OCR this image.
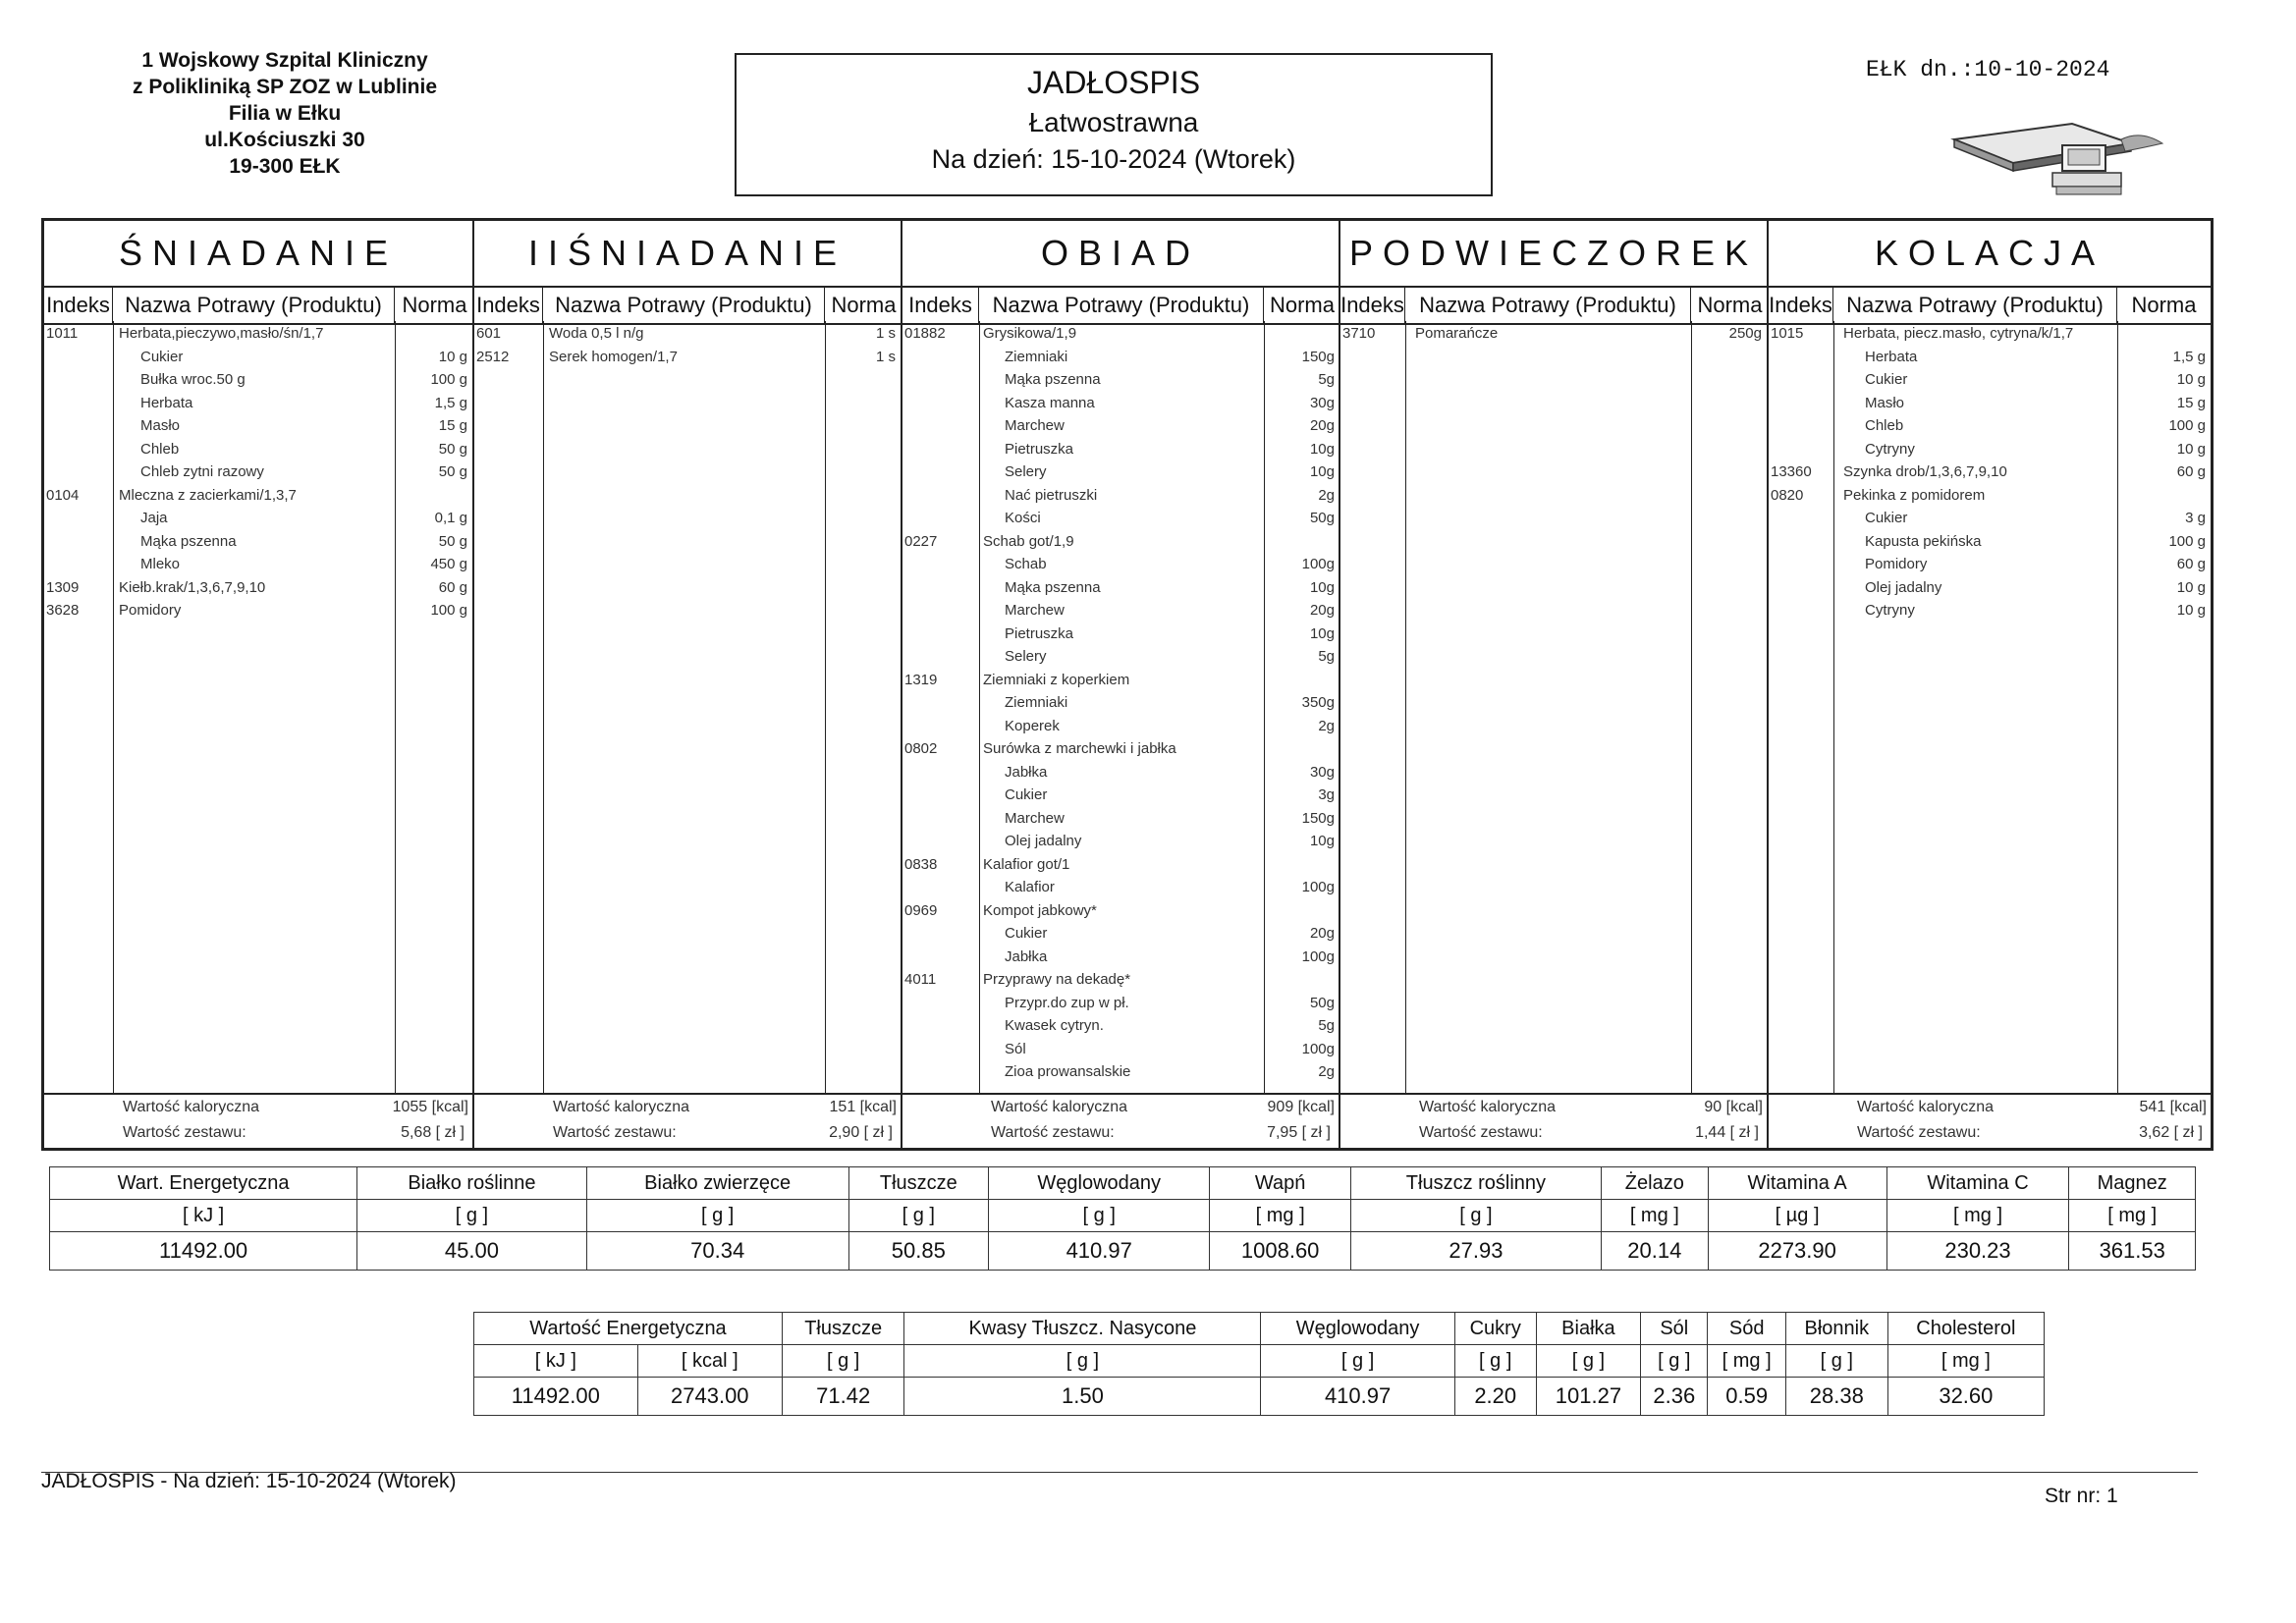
1 Wojskowy Szpital Kliniczny
z Polikliniką SP ZOZ w Lublinie
Filia w Ełku
ul.Kościuszki 30
19-300 EŁK
JADŁOSPIS
Łatwostrawna
Na dzień: 15-10-2024 (Wtorek)
EŁK dn.:10-10-2024
ŚNIADANIE
Indeks Nazwa Potrawy (Produktu) Norma
1011	Herbata,pieczywo,masło/śn/1,7
Cukier	10 g
Bułka wroc.50 g	100 g
Herbata	1,5 g
Masło	15 g
Chleb	50 g
Chleb zytni razowy	50 g
0104	Mleczna z zacierkami/1,3,7
Jaja	0,1 g
Mąka pszenna	50 g
Mleko	450 g
1309	Kiełb.krak/1,3,6,7,9,10	60 g
3628	Pomidory	100 g
Wartość kaloryczna	1055 [kcal]
Wartość zestawu:	5,68 [ zł ]
IIŚNIADANIE
Indeks Nazwa Potrawy (Produktu) Norma
601	Woda 0,5 l n/g	1 s
2512	Serek homogen/1,7	1 s
Wartość kaloryczna	151 [kcal]
Wartość zestawu:	2,90 [ zł ]
OBIAD
Indeks Nazwa Potrawy (Produktu) Norma
01882	Grysikowa/1,9
Ziemniaki	150g
Mąka pszenna	5g
Kasza manna	30g
Marchew	20g
Pietruszka	10g
Selery	10g
Nać pietruszki	2g
Kości	50g
0227	Schab got/1,9
Schab	100g
Mąka pszenna	10g
Marchew	20g
Pietruszka	10g
Selery	5g
1319	Ziemniaki z koperkiem
Ziemniaki	350g
Koperek	2g
0802	Surówka z marchewki i jabłka
Jabłka	30g
Cukier	3g
Marchew	150g
Olej jadalny	10g
0838	Kalafior got/1
Kalafior	100g
0969	Kompot jabkowy*
Cukier	20g
Jabłka	100g
4011	Przyprawy na dekadę*
Przypr.do zup w pł.	50g
Kwasek cytryn.	5g
Sól	100g
Zioa prowansalskie	2g
Wartość kaloryczna	909 [kcal]
Wartość zestawu:	7,95 [ zł ]
PODWIECZOREK
Indeks Nazwa Potrawy (Produktu) Norma
3710	Pomarańcze	250g
Wartość kaloryczna	90 [kcal]
Wartość zestawu:	1,44 [ zł ]
KOLACJA
Indeks Nazwa Potrawy (Produktu)	Norma
1015	Herbata, piecz.masło, cytryna/k/1,7
Herbata	1,5 g
Cukier	10 g
Masło	15 g
Chleb	100 g
Cytryny	10 g
13360 Szynka drob/1,3,6,7,9,10	60 g
0820	Pekinka z pomidorem
Cukier	3 g
Kapusta pekińska	100 g
Pomidory	60 g
Olej jadalny	10 g
Cytryny	10 g
Wartość kaloryczna	541 [kcal]
Wartość zestawu:	3,62 [ zł ]
Wart. Energetyczna	Białko roślinne	Białko zwierzęce	Tłuszcze	Węglowodany	Wapń	Tłuszcz roślinny	Żelazo	Witamina A	Witamina C	Magnez
[ kJ ]	[ g ]	[ g ]	[ g ]	[ g ]	[ mg ]	[ g ]	[ mg ]	[ µg ]	[ mg ]	[ mg ]
11492.00	45.00	70.34	50.85	410.97	1008.60	27.93	20.14	2273.90	230.23	361.53
Wartość Energetyczna		Tłuszcze	Kwasy Tłuszcz. Nasycone	Węglowodany	Cukry	Białka	Sól	Sód	Błonnik	Cholesterol
[ kJ ]	[ kcal ]	[ g ]	[ g ]	[ g ]	[ g ]	[ g ]	[ g ]	[ mg ]	[ g ]	[ mg ]
11492.00	2743.00	71.42	1.50	410.97	2.20	101.27	2.36	0.59	28.38	32.60
JADŁOSPIS - Na dzień: 15-10-2024 (Wtorek)
Str nr: 1
